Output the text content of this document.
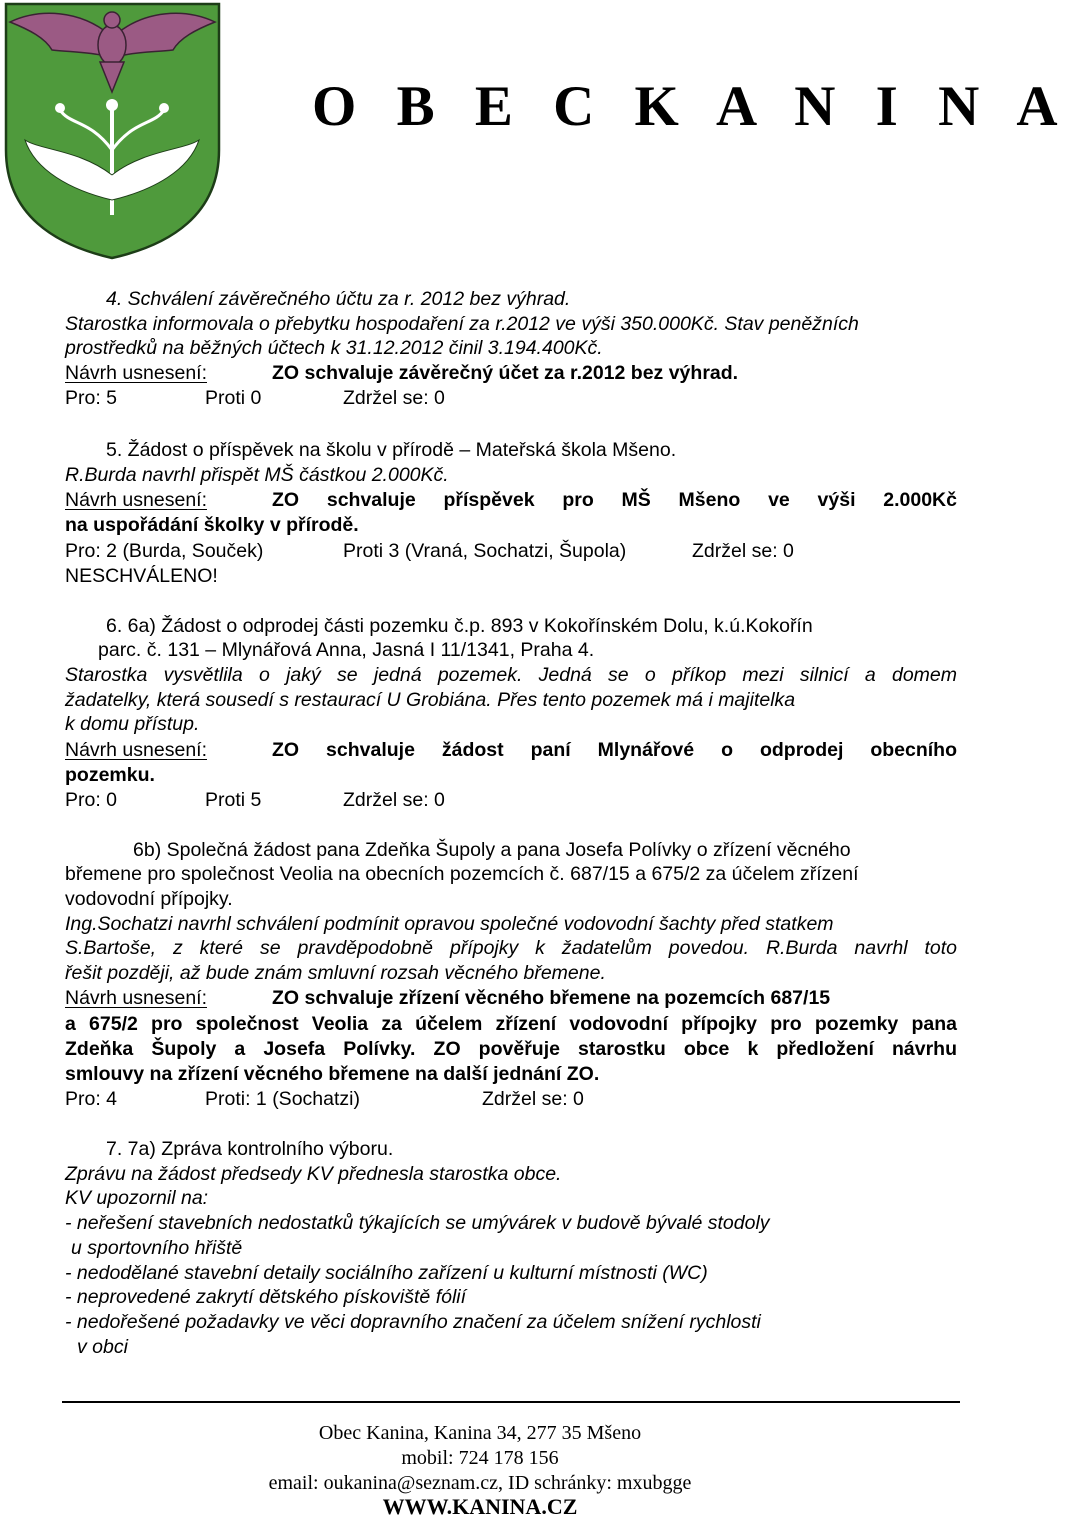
O B E C K A N I N A
4. Schválení závěrečného účtu za r. 2012 bez výhrad.
Starostka informovala o přebytku hospodaření za r.2012 ve výši 350.000Kč. Stav peněžních
prostředků na běžných účtech k 31.12.2012 činil 3.194.400Kč.
Návrh usnesení:	ZO schvaluje závěrečný účet za r.2012 bez výhrad.
Pro: 5	Proti 0	Zdržel se: 0
5. Žádost o příspěvek na školu v přírodě – Mateřská škola Mšeno.
R.Burda navrhl přispět MŠ částkou 2.000Kč.
Návrh usnesení:	ZO schvaluje příspěvek pro MŠ Mšeno ve výši 2.000Kč
na uspořádání školky v přírodě.
Pro: 2 (Burda, Souček)	Proti 3 (Vraná, Sochatzi, Šupola)	Zdržel se: 0
NESCHVÁLENO!
6. 6a) Žádost o odprodej části pozemku č.p. 893 v Kokořínském Dolu, k.ú.Kokořín
parc. č. 131 – Mlynářová Anna, Jasná I 11/1341, Praha 4.
Starostka vysvětlila o jaký se jedná pozemek. Jedná se o příkop mezi silnicí a domem
žadatelky, která sousedí s restaurací U Grobiána. Přes tento pozemek má i majitelka
k domu přístup.
Návrh usnesení:	ZO schvaluje žádost paní Mlynářové o odprodej obecního
pozemku.
Pro: 0	Proti 5	Zdržel se: 0
6b) Společná žádost pana Zdeňka Šupoly a pana Josefa Polívky o zřízení věcného
břemene pro společnost Veolia na obecních pozemcích č. 687/15 a 675/2 za účelem zřízení
vodovodní přípojky.
Ing.Sochatzi navrhl schválení podmínit opravou společné vodovodní šachty před statkem
S.Bartoše, z které se pravděpodobně přípojky k žadatelům povedou. R.Burda navrhl toto
řešit později, až bude znám smluvní rozsah věcného břemene.
Návrh usnesení:	ZO schvaluje zřízení věcného břemene na pozemcích 687/15
a 675/2 pro společnost Veolia za účelem zřízení vodovodní přípojky pro pozemky pana
Zdeňka Šupoly a Josefa Polívky. ZO pověřuje starostku obce k předložení návrhu
smlouvy na zřízení věcného břemene na další jednání ZO.
Pro: 4	Proti: 1 (Sochatzi)	Zdržel se: 0
7. 7a) Zpráva kontrolního výboru.
Zprávu na žádost předsedy KV přednesla starostka obce.
KV upozornil na:
- neřešení stavebních nedostatků týkajících se umývárek v budově bývalé stodoly
u sportovního hřiště
- nedodělané stavební detaily sociálního zařízení u kulturní místnosti (WC)
- neprovedené zakrytí dětského pískoviště fólií
- nedořešené požadavky ve věci dopravního značení za účelem snížení rychlosti
v obci
Obec Kanina, Kanina 34, 277 35 Mšeno
mobil: 724 178 156
email: oukanina@seznam.cz, ID schránky: mxubgge
WWW.KANINA.CZ
